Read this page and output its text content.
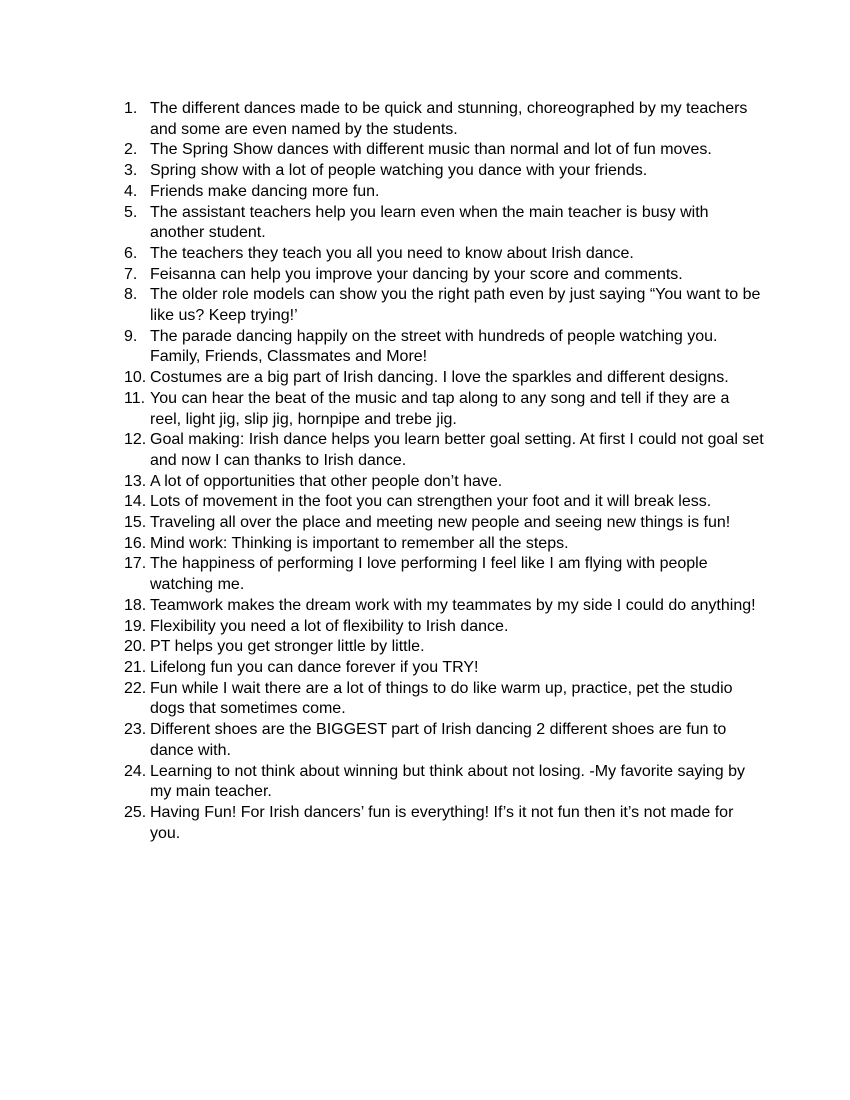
1. The different dances made to be quick and stunning, choreographed by my teachers and some are even named by the students.
2. The Spring Show dances with different music than normal and lot of fun moves.
3. Spring show with a lot of people watching you dance with your friends.
4. Friends make dancing more fun.
5. The assistant teachers help you learn even when the main teacher is busy with another student.
6. The teachers they teach you all you need to know about Irish dance.
7. Feisanna can help you improve your dancing by your score and comments.
8. The older role models can show you the right path even by just saying “You want to be like us? Keep trying!’
9. The parade dancing happily on the street with hundreds of people watching you. Family, Friends, Classmates and More!
10. Costumes are a big part of Irish dancing. I love the sparkles and different designs.
11. You can hear the beat of the music and tap along to any song and tell if they are a reel, light jig, slip jig, hornpipe and trebe jig.
12. Goal making: Irish dance helps you learn better goal setting. At first I could not goal set and now I can thanks to Irish dance.
13. A lot of opportunities that other people don’t have.
14. Lots of movement in the foot you can strengthen your foot and it will break less.
15. Traveling all over the place and meeting new people and seeing new things is fun!
16. Mind work: Thinking is important to remember all the steps.
17. The happiness of performing I love performing I feel like I am flying with people watching me.
18. Teamwork makes the dream work with my teammates by my side I could do anything!
19. Flexibility you need a lot of flexibility to Irish dance.
20. PT helps you get stronger little by little.
21. Lifelong fun you can dance forever if you TRY!
22. Fun while I wait there are a lot of things to do like warm up, practice, pet the studio dogs that sometimes come.
23. Different shoes are the BIGGEST part of Irish dancing 2 different shoes are fun to dance with.
24. Learning to not think about winning but think about not losing. -My favorite saying by my main teacher.
25. Having Fun! For Irish dancers’ fun is everything! If’s it not fun then it’s not made for you.
